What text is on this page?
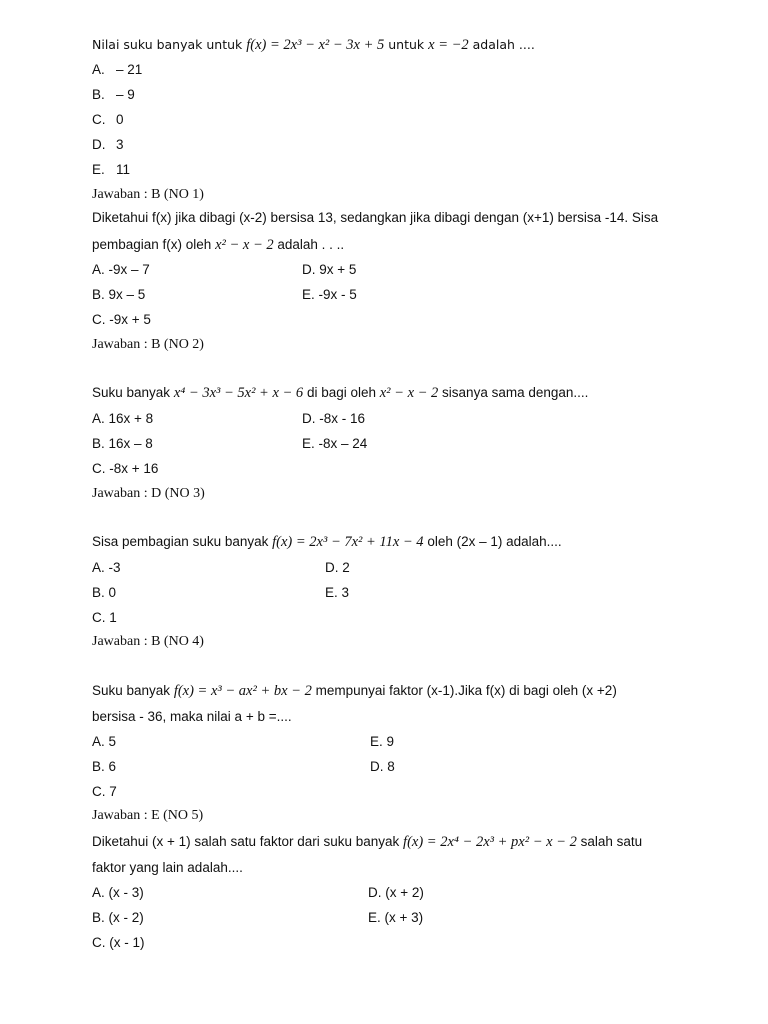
Nilai suku banyak untuk f(x) = 2x³ − x² − 3x + 5 untuk x = −2 adalah ....
A. – 21
B. – 9
C. 0
D. 3
E. 11
Jawaban : B (NO 1)
Diketahui f(x) jika dibagi (x-2) bersisa 13, sedangkan jika dibagi dengan (x+1) bersisa -14. Sisa
pembagian f(x) oleh x² − x − 2 adalah . . ..
A. -9x – 7
B. 9x – 5
C. -9x + 5
D. 9x + 5
E. -9x - 5
Jawaban : B (NO 2)
Suku banyak x⁴ − 3x³ − 5x² + x − 6 di bagi oleh x² − x − 2 sisanya sama dengan....
A. 16x + 8
B. 16x – 8
C. -8x + 16
D. -8x - 16
E. -8x – 24
Jawaban : D (NO 3)
Sisa pembagian suku banyak f(x) = 2x³ − 7x² + 11x − 4 oleh (2x – 1) adalah....
A. -3
B. 0
C. 1
D. 2
E. 3
Jawaban : B (NO 4)
Suku banyak f(x) = x³ − ax² + bx − 2 mempunyai faktor (x-1).Jika f(x) di bagi oleh (x +2)
bersisa - 36, maka nilai a + b =....
A. 5
B. 6
C. 7
E. 9
D. 8
Jawaban : E (NO 5)
Diketahui (x + 1) salah satu faktor dari suku banyak f(x) = 2x⁴ − 2x³ + px² − x − 2 salah satu
faktor yang lain adalah....
A. (x - 3)
B. (x - 2)
C. (x - 1)
D. (x + 2)
E. (x + 3)
